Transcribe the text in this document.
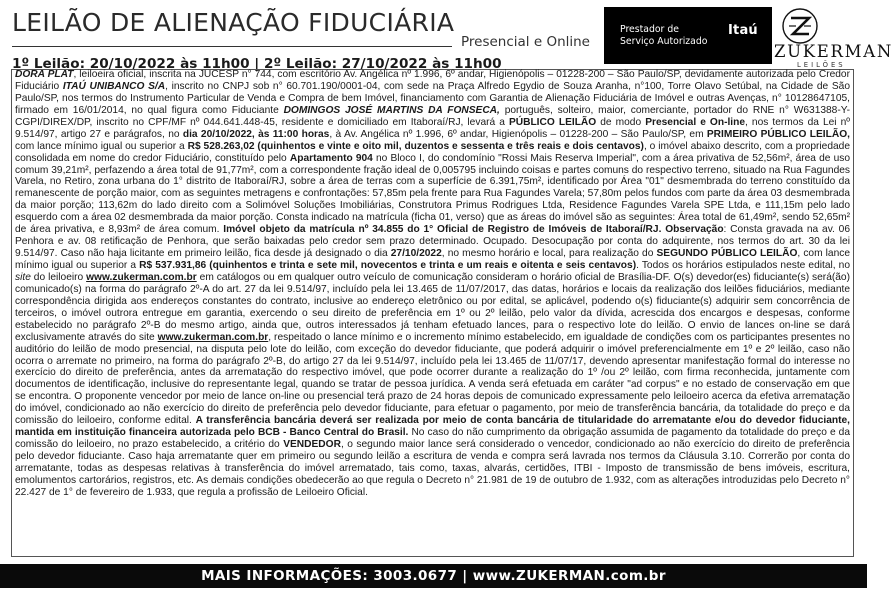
LEILÃO DE ALIENAÇÃO FIDUCIÁRIA
Presencial e Online
1º Leilão: 20/10/2022 às 11h00 | 2º Leilão: 27/10/2022 às 11h00
Prestador de
Serviço Autorizado
Itaú
ZUKERMAN
LEILÕES
DORA PLAT, leiloeira oficial, inscrita na JUCESP n° 744, com escritório Av. Angélica nº 1.996, 6º andar, Higienópolis – 01228-200 – São Paulo/SP, devidamente autorizada pelo Credor Fiduciário ITAÚ UNIBANCO S/A, inscrito no CNPJ sob n° 60.701.190/0001-04, com sede na Praça Alfredo Egydio de Souza Aranha, n°100, Torre Olavo Setúbal, na Cidade de São Paulo/SP, nos termos do Instrumento Particular de Venda e Compra de bem Imóvel, financiamento com Garantia de Alienação Fiduciária de Imóvel e outras Avenças, n° 10128647105, firmado em 16/01/2014, no qual figura como Fiduciante DOMINGOS JOSÉ MARTINS DA FONSECA, português, solteiro, maior, comerciante, portador do RNE n° W631388-Y-CGPI/DIREX/DP, inscrito no CPF/MF nº 044.641.448-45, residente e domiciliado em Itaboraí/RJ, levará a PÚBLICO LEILÃO de modo Presencial e On-line, nos termos da Lei nº 9.514/97, artigo 27 e parágrafos, no dia 20/10/2022, às 11:00 horas, à Av. Angélica nº 1.996, 6º andar, Higienópolis – 01228-200 – São Paulo/SP, em PRIMEIRO PÚBLICO LEILÃO, com lance mínimo igual ou superior a R$ 528.263,02 (quinhentos e vinte e oito mil, duzentos e sessenta e três reais e dois centavos), o imóvel abaixo descrito, com a propriedade consolidada em nome do credor Fiduciário, constituído pelo Apartamento 904 no Bloco I, do condomínio "Rossi Mais Reserva Imperial", com a área privativa de 52,56m², área de uso comum 39,21m², perfazendo a área total de 91,77m², com a correspondente fração ideal de 0,005795 incluindo coisas e partes comuns do respectivo terreno, situado na Rua Fagundes Varela, no Retiro, zona urbana do 1° distrito de Itaboraí/RJ, sobre a área de terras com a superfície de 6.391,75m², identificado por Área "01" desmembrada do terreno constituído da remanescente de porção maior, com as seguintes metragens e confrontações: 57,85m pela frente para Rua Fagundes Varela; 57,80m pelos fundos com parte da área 03 desmembrada da maior porção; 113,62m do lado direito com a Solimóvel Soluções Imobiliárias, Construtora Primus Rodrigues Ltda, Residence Fagundes Varela SPE Ltda, e 111,15m pelo lado esquerdo com a área 02 desmembrada da maior porção. Consta indicado na matrícula (ficha 01, verso) que as áreas do imóvel são as seguintes: Área total de 61,49m², sendo 52,65m² de área privativa, e 8,93m² de área comum. Imóvel objeto da matrícula nº 34.855 do 1° Oficial de Registro de Imóveis de Itaboraí/RJ. Observação: Consta gravada na av. 06 Penhora e av. 08 retificação de Penhora, que serão baixadas pelo credor sem prazo determinado. Ocupado. Desocupação por conta do adquirente, nos termos do art. 30 da lei 9.514/97. Caso não haja licitante em primeiro leilão, fica desde já designado o dia 27/10/2022, no mesmo horário e local, para realização do SEGUNDO PÚBLICO LEILÃO, com lance mínimo igual ou superior a R$ 537.931,86 (quinhentos e trinta e sete mil, novecentos e trinta e um reais e oitenta e seis centavos). Todos os horários estipulados neste edital, no site do leiloeiro www.zukerman.com.br em catálogos ou em qualquer outro veículo de comunicação consideram o horário oficial de Brasília-DF. O(s) devedor(es) fiduciante(s) será(ão) comunicado(s) na forma do parágrafo 2º-A do art. 27 da lei 9.514/97, incluído pela lei 13.465 de 11/07/2017, das datas, horários e locais da realização dos leilões fiduciários, mediante correspondência dirigida aos endereços constantes do contrato, inclusive ao endereço eletrônico ou por edital, se aplicável, podendo o(s) fiduciante(s) adquirir sem concorrência de terceiros, o imóvel outrora entregue em garantia, exercendo o seu direito de preferência em 1º ou 2º leilão, pelo valor da dívida, acrescida dos encargos e despesas, conforme estabelecido no parágrafo 2º-B do mesmo artigo, ainda que, outros interessados já tenham efetuado lances, para o respectivo lote do leilão. O envio de lances on-line se dará exclusivamente através do site www.zukerman.com.br, respeitado o lance mínimo e o incremento mínimo estabelecido, em igualdade de condições com os participantes presentes no auditório do leilão de modo presencial, na disputa pelo lote do leilão, com exceção do devedor fiduciante, que poderá adquirir o imóvel preferencialmente em 1º e 2º leilão, caso não ocorra o arremate no primeiro, na forma do parágrafo 2º-B, do artigo 27 da lei 9.514/97, incluído pela lei 13.465 de 11/07/17, devendo apresentar manifestação formal do interesse no exercício do direito de preferência, antes da arrematação do respectivo imóvel, que pode ocorrer durante a realização do 1º /ou 2º leilão, com firma reconhecida, juntamente com documentos de identificação, inclusive do representante legal, quando se tratar de pessoa jurídica. A venda será efetuada em caráter "ad corpus" e no estado de conservação em que se encontra. O proponente vencedor por meio de lance on-line ou presencial terá prazo de 24 horas depois de comunicado expressamente pelo leiloeiro acerca da efetiva arrematação do imóvel, condicionado ao não exercício do direito de preferência pelo devedor fiduciante, para efetuar o pagamento, por meio de transferência bancária, da totalidade do preço e da comissão do leiloeiro, conforme edital. A transferência bancária deverá ser realizada por meio de conta bancária de titularidade do arrematante e/ou do devedor fiduciante, mantida em instituição financeira autorizada pelo BCB - Banco Central do Brasil. No caso do não cumprimento da obrigação assumida de pagamento da totalidade do preço e da comissão do leiloeiro, no prazo estabelecido, a critério do VENDEDOR, o segundo maior lance será considerado o vencedor, condicionado ao não exercício do direito de preferência pelo devedor fiduciante. Caso haja arrematante quer em primeiro ou segundo leilão a escritura de venda e compra será lavrada nos termos da Cláusula 3.10. Correrão por conta do arrematante, todas as despesas relativas à transferência do imóvel arrematado, tais como, taxas, alvarás, certidões, ITBI - Imposto de transmissão de bens imóveis, escritura, emolumentos cartorários, registros, etc. As demais condições obedecerão ao que regula o Decreto n° 21.981 de 19 de outubro de 1.932, com as alterações introduzidas pelo Decreto n° 22.427 de 1° de fevereiro de 1.933, que regula a profissão de Leiloeiro Oficial.
MAIS INFORMAÇÕES: 3003.0677 | www.ZUKERMAN.com.br
